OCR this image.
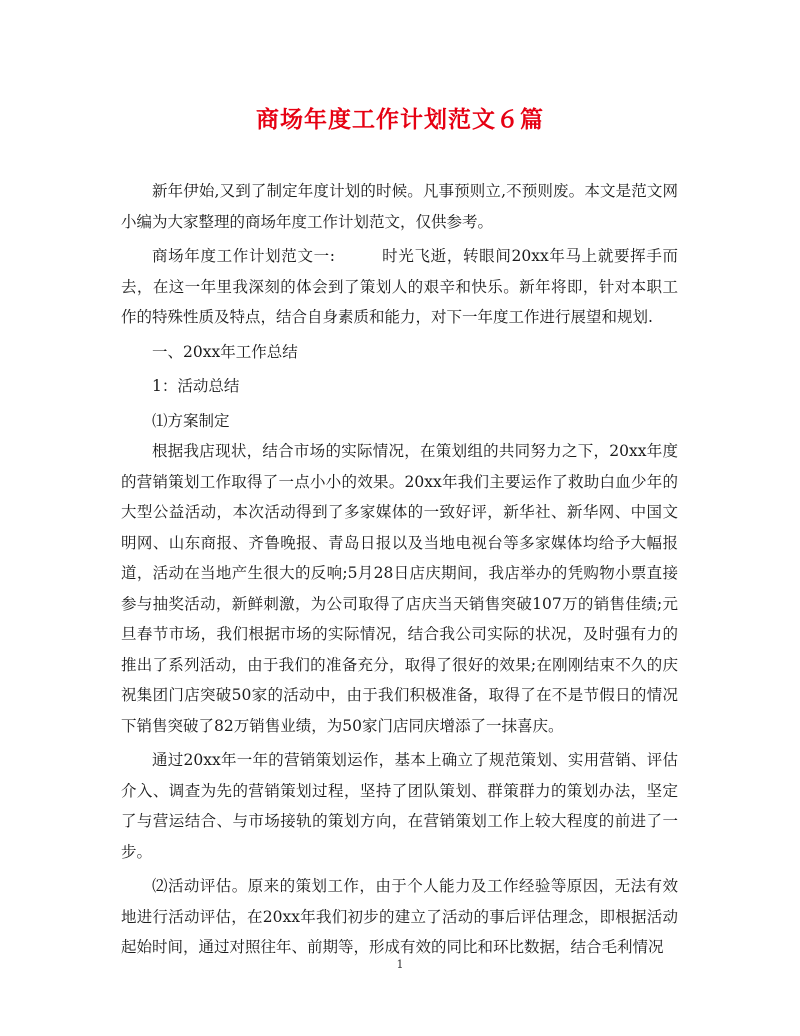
商场年度工作计划范文６篇

新年伊始,又到了制定年度计划的时候。凡事预则立,不预则废。本文是范文网小编为大家整理的商场年度工作计划范文，仅供参考。

商场年度工作计划范文一:	时光飞逝，转眼间20xx年马上就要挥手而去，在这一年里我深刻的体会到了策划人的艰辛和快乐。新年将即，针对本职工作的特殊性质及特点，结合自身素质和能力，对下一年度工作进行展望和规划.

一、20xx年工作总结

1：活动总结

⑴方案制定

根据我店现状，结合市场的实际情况，在策划组的共同努力之下，20xx年度的营销策划工作取得了一点小小的效果。20xx年我们主要运作了救助白血少年的大型公益活动，本次活动得到了多家媒体的一致好评，新华社、新华网、中国文明网、山东商报、齐鲁晚报、青岛日报以及当地电视台等多家媒体均给予大幅报道，活动在当地产生很大的反响;5月28日店庆期间，我店举办的凭购物小票直接参与抽奖活动，新鲜刺激，为公司取得了店庆当天销售突破107万的销售佳绩;元旦春节市场，我们根据市场的实际情况，结合我公司实际的状况，及时强有力的推出了系列活动，由于我们的准备充分，取得了很好的效果;在刚刚结束不久的庆祝集团门店突破50家的活动中，由于我们积极准备，取得了在不是节假日的情况下销售突破了82万销售业绩，为50家门店同庆增添了一抹喜庆。

通过20xx年一年的营销策划运作，基本上确立了规范策划、实用营销、评估介入、调查为先的营销策划过程，坚持了团队策划、群策群力的策划办法，坚定了与营运结合、与市场接轨的策划方向，在营销策划工作上较大程度的前进了一步。

⑵活动评估。原来的策划工作，由于个人能力及工作经验等原因，无法有效地进行活动评估，在20xx年我们初步的建立了活动的事后评估理念，即根据活动起始时间，通过对照往年、前期等，形成有效的同比和环比数据，结合毛利情况

1
